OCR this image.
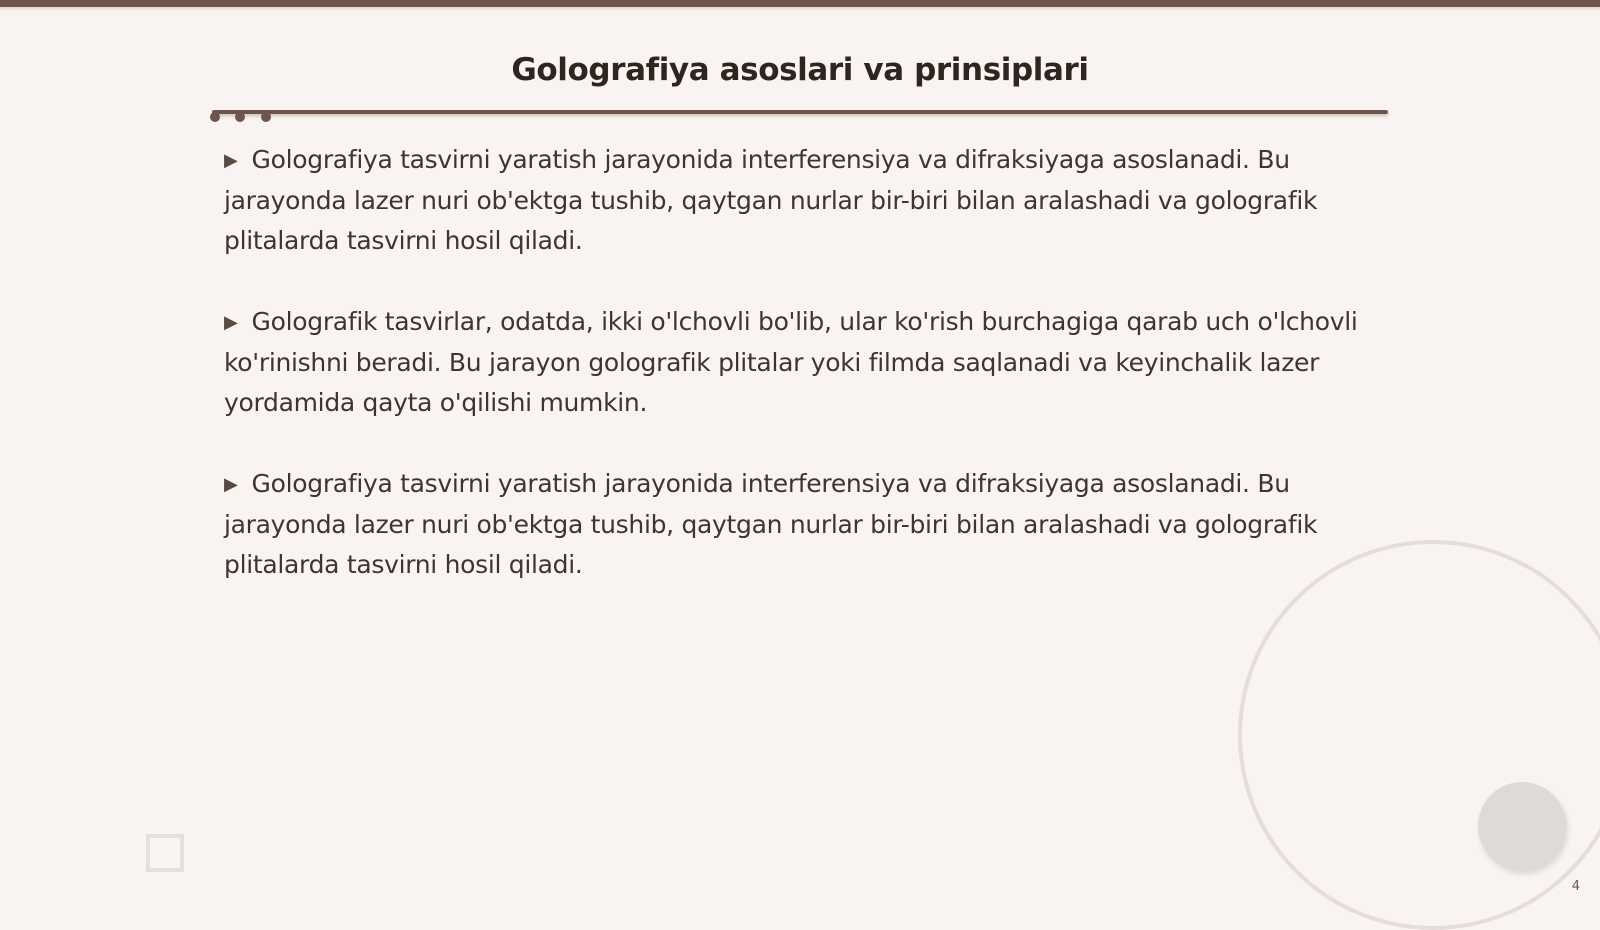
Golografiya asoslari va prinsiplari

▶ Golografiya tasvirni yaratish jarayonida interferensiya va difraksiyaga asoslanadi. Bu jarayonda lazer nuri ob'ektga tushib, qaytgan nurlar bir-biri bilan aralashadi va golografik plitalarda tasvirni hosil qiladi.

▶ Golografik tasvirlar, odatda, ikki o'lchovli bo'lib, ular ko'rish burchagiga qarab uch o'lchovli ko'rinishni beradi. Bu jarayon golografik plitalar yoki filmda saqlanadi va keyinchalik lazer yordamida qayta o'qilishi mumkin.

▶ Golografiya tasvirni yaratish jarayonida interferensiya va difraksiyaga asoslanadi. Bu jarayonda lazer nuri ob'ektga tushib, qaytgan nurlar bir-biri bilan aralashadi va golografik plitalarda tasvirni hosil qiladi.

4
